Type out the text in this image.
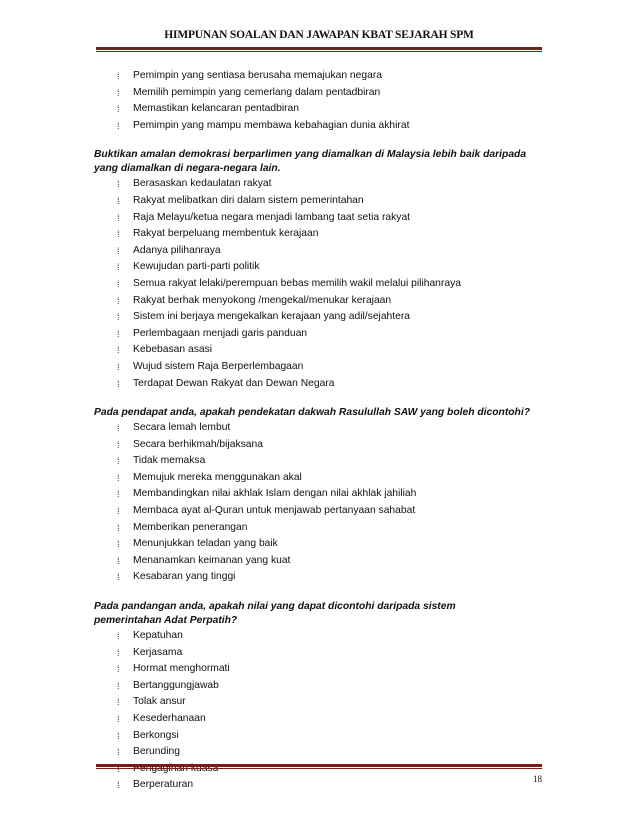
HIMPUNAN SOALAN DAN JAWAPAN KBAT SEJARAH SPM
⁞ Pemimpin yang sentiasa berusaha memajukan negara
⁞ Memilih pemimpin yang cemerlang dalam pentadbiran
⁞ Memastikan kelancaran pentadbiran
⁞ Pemimpin yang mampu membawa kebahagian dunia akhirat
Buktikan amalan demokrasi berparlimen yang diamalkan di Malaysia lebih baik daripada yang diamalkan di negara-negara lain.
⁞ Berasaskan kedaulatan rakyat
⁞ Rakyat melibatkan diri dalam sistem pemerintahan
⁞ Raja Melayu/ketua negara menjadi lambang taat setia rakyat
⁞ Rakyat berpeluang membentuk kerajaan
⁞ Adanya pilihanraya
⁞ Kewujudan parti-parti politik
⁞ Semua rakyat lelaki/perempuan bebas memilih wakil melalui pilihanraya
⁞ Rakyat berhak menyokong /mengekal/menukar kerajaan
⁞ Sistem ini berjaya mengekalkan kerajaan yang adil/sejahtera
⁞ Perlembagaan menjadi garis panduan
⁞ Kebebasan asasi
⁞ Wujud sistem Raja Berperlembagaan
⁞ Terdapat Dewan Rakyat dan Dewan Negara
Pada pendapat anda, apakah pendekatan dakwah Rasulullah SAW yang boleh dicontohi?
⁞ Secara lemah lembut
⁞ Secara berhikmah/bijaksana
⁞ Tidak memaksa
⁞ Memujuk mereka menggunakan akal
⁞ Membandingkan nilai akhlak Islam dengan nilai akhlak jahiliah
⁞ Membaca ayat al-Quran untuk menjawab pertanyaan sahabat
⁞ Memberikan penerangan
⁞ Menunjukkan teladan yang baik
⁞ Menanamkan keimanan yang kuat
⁞ Kesabaran yang tinggi
Pada pandangan anda, apakah nilai yang dapat dicontohi daripada sistem pemerintahan Adat Perpatih?
⁞ Kepatuhan
⁞ Kerjasama
⁞ Hormat menghormati
⁞ Bertanggungjawab
⁞ Tolak ansur
⁞ Kesederhanaan
⁞ Berkongsi
⁞ Berunding
⁞ Berperaturan
18
